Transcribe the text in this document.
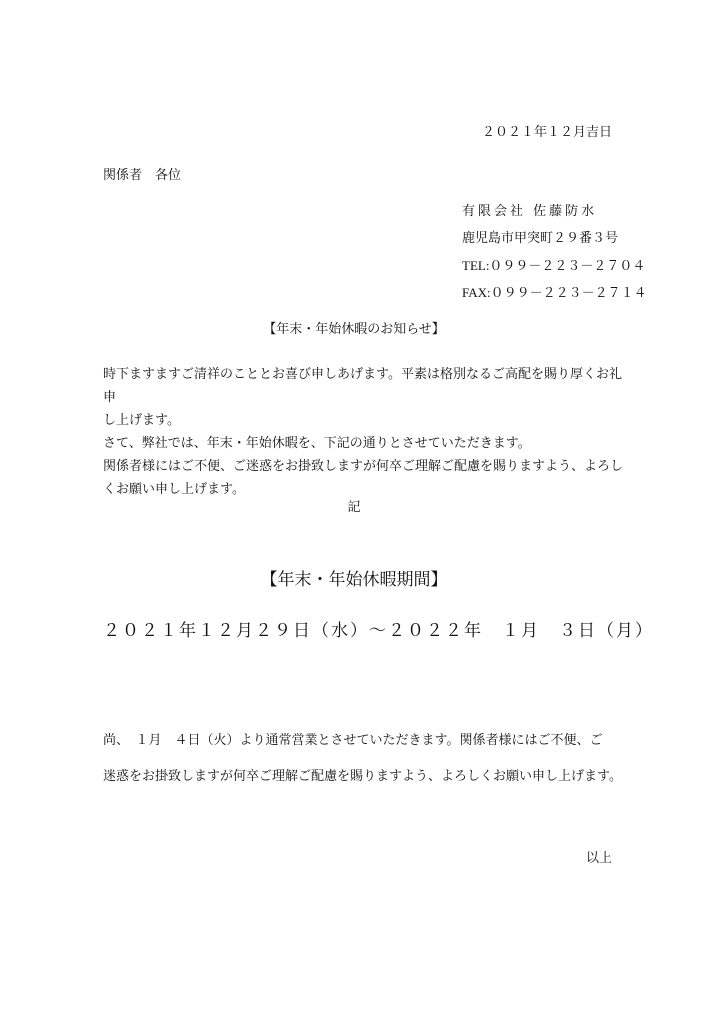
２０２１年１２月吉日

関係者　各位

有限会社 佐藤防水
鹿児島市甲突町２９番３号
TEL:０９９－２２３－２７０４
FAX:０９９－２２３－２７１４

【年末・年始休暇のお知らせ】

時下ますますご清祥のこととお喜び申しあげます。平素は格別なるご高配を賜り厚くお礼申

し上げます。

さて、弊社では、年末・年始休暇を、下記の通りとさせていただきます。

関係者様にはご不便、ご迷惑をお掛致しますが何卒ご理解ご配慮を賜りますよう、よろし

くお願い申し上げます。

記

【年末・年始休暇期間】

２０２１年１２月２９日（水）～２０２２年　１月　３日（月）

尚、　１月　４日（火）より通常営業とさせていただきます。関係者様にはご不便、ご

迷惑をお掛致しますが何卒ご理解ご配慮を賜りますよう、よろしくお願い申し上げます。

以上
